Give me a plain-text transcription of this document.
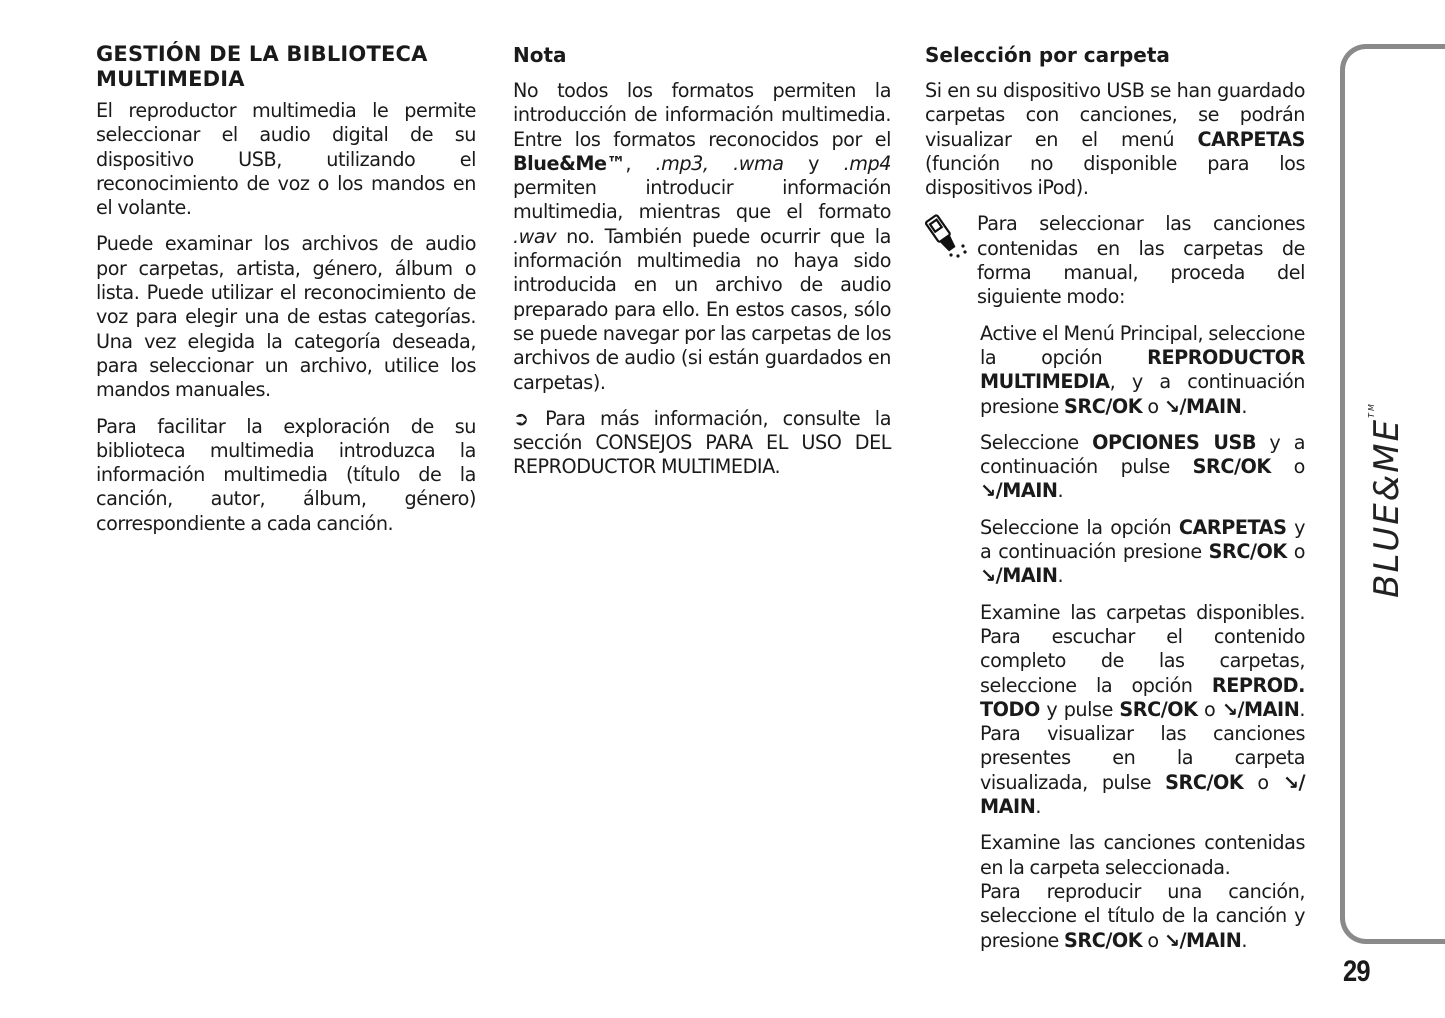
GESTIÓN DE LA BIBLIOTECA MULTIMEDIA

El reproductor multimedia le permite seleccionar el audio digital de su dispositivo USB, utilizando el reconocimiento de voz o los mandos en el volante.

Puede examinar los archivos de audio por carpetas, artista, género, álbum o lista. Puede utilizar el reconocimiento de voz para elegir una de estas categorías. Una vez elegida la categoría deseada, para seleccionar un archivo, utilice los mandos manuales.

Para facilitar la exploración de su biblioteca multimedia introduzca la información multimedia (título de la canción, autor, álbum, género) correspondiente a cada canción.

Nota

No todos los formatos permiten la introducción de información multimedia. Entre los formatos reconocidos por el Blue&Me™, .mp3, .wma y .mp4 permiten introducir información multimedia, mientras que el formato .wav no. También puede ocurrir que la información multimedia no haya sido introducida en un archivo de audio preparado para ello. En estos casos, sólo se puede navegar por las carpetas de los archivos de audio (si están guardados en carpetas).

➲ Para más información, consulte la sección CONSEJOS PARA EL USO DEL REPRODUCTOR MULTIMEDIA.

Selección por carpeta

Si en su dispositivo USB se han guardado carpetas con canciones, se podrán visualizar en el menú CARPETAS (función no disponible para los dispositivos iPod).

Para seleccionar las canciones contenidas en las carpetas de forma manual, proceda del siguiente modo:

Active el Menú Principal, seleccione la opción REPRODUCTOR MULTIMEDIA, y a continuación presione SRC/OK o ↘/MAIN.

Seleccione OPCIONES USB y a continuación pulse SRC/OK o ↘/MAIN.

Seleccione la opción CARPETAS y a continuación presione SRC/OK o ↘/MAIN.

Examine las carpetas disponibles. Para escuchar el contenido completo de las carpetas, seleccione la opción REPROD. TODO y pulse SRC/OK o ↘/MAIN. Para visualizar las canciones presentes en la carpeta visualizada, pulse SRC/OK o ↘/ MAIN.

Examine las canciones contenidas en la carpeta seleccionada.

Para reproducir una canción, seleccione el título de la canción y presione SRC/OK o ↘/MAIN.

BLUE&ME™
29
